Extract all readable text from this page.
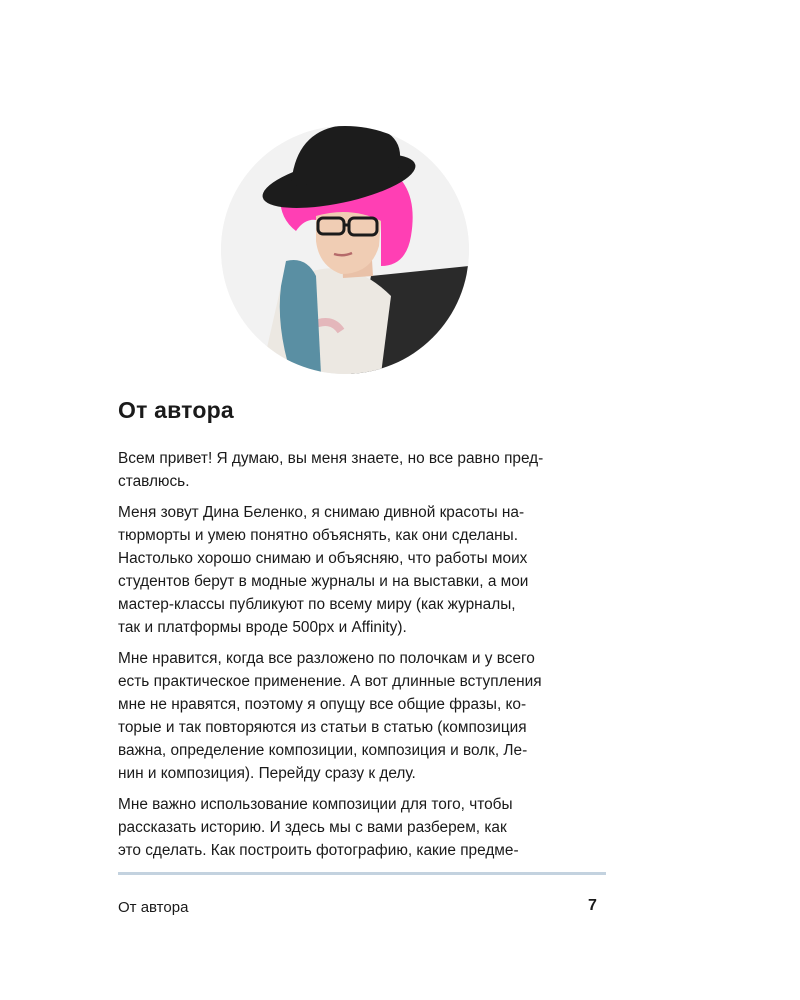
От автора

Всем привет! Я думаю, вы меня знаете, но все равно пред-
ставлюсь.

Меня зовут Дина Беленко, я снимаю дивной красоты на-
тюрморты и умею понятно объяснять, как они сделаны.
Настолько хорошо снимаю и объясняю, что работы моих
студентов берут в модные журналы и на выставки, а мои
мастер-классы публикуют по всему миру (как журналы,
так и платформы вроде 500px и Affinity).

Мне нравится, когда все разложено по полочкам и у всего
есть практическое применение. А вот длинные вступления
мне не нравятся, поэтому я опущу все общие фразы, ко-
торые и так повторяются из статьи в статью (композиция
важна, определение композиции, композиция и волк, Ле-
нин и композиция). Перейду сразу к делу.

Мне важно использование композиции для того, чтобы
рассказать историю. И здесь мы с вами разберем, как
это сделать. Как построить фотографию, какие предме-

От автора	7
